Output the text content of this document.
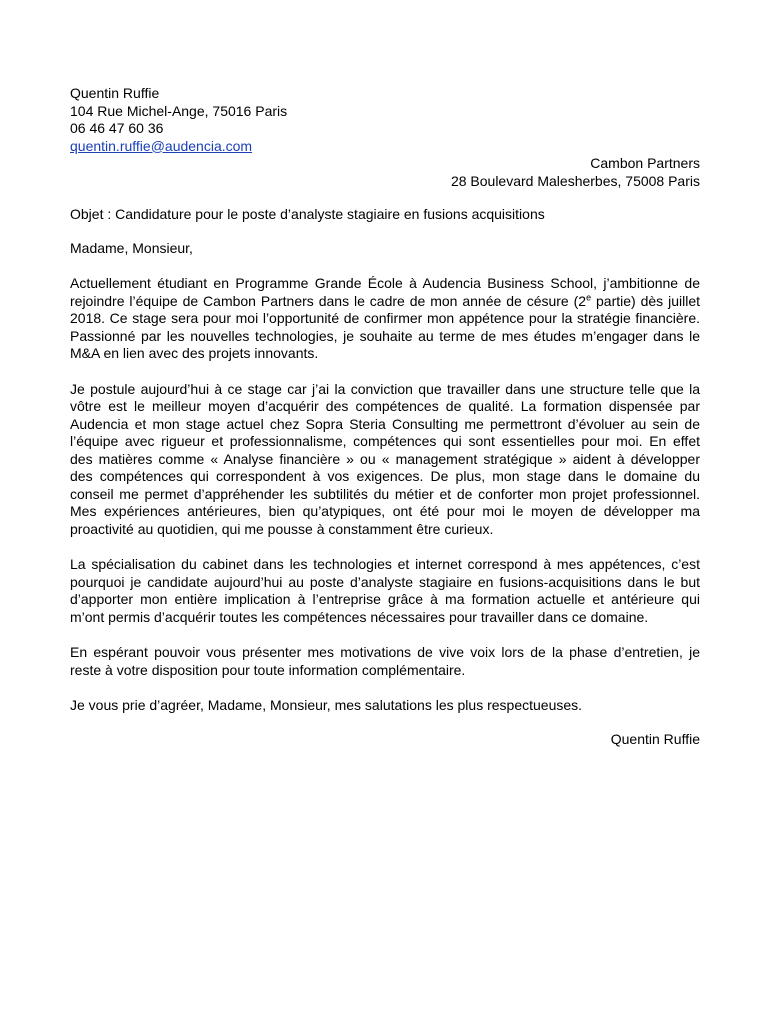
Quentin Ruffie
104 Rue Michel-Ange, 75016 Paris
06 46 47 60 36
quentin.ruffie@audencia.com
Cambon Partners
28 Boulevard Malesherbes, 75008 Paris
Objet : Candidature pour le poste d’analyste stagiaire en fusions acquisitions
Madame, Monsieur,
Actuellement étudiant en Programme Grande École à Audencia Business School, j’ambitionne de
rejoindre l’équipe de Cambon Partners dans le cadre de mon année de césure (2e partie) dès juillet
2018. Ce stage sera pour moi l’opportunité de confirmer mon appétence pour la stratégie financière.
Passionné par les nouvelles technologies, je souhaite au terme de mes études m’engager dans le
M&A en lien avec des projets innovants.
Je postule aujourd’hui à ce stage car j’ai la conviction que travailler dans une structure telle que la
vôtre est le meilleur moyen d’acquérir des compétences de qualité. La formation dispensée par
Audencia et mon stage actuel chez Sopra Steria Consulting me permettront d’évoluer au sein de
l’équipe avec rigueur et professionnalisme, compétences qui sont essentielles pour moi. En effet
des matières comme « Analyse financière » ou « management stratégique » aident à développer
des compétences qui correspondent à vos exigences. De plus, mon stage dans le domaine du
conseil me permet d’appréhender les subtilités du métier et de conforter mon projet professionnel.
Mes expériences antérieures, bien qu’atypiques, ont été pour moi le moyen de développer ma
proactivité au quotidien, qui me pousse à constamment être curieux.
La spécialisation du cabinet dans les technologies et internet correspond à mes appétences, c’est
pourquoi je candidate aujourd’hui au poste d’analyste stagiaire en fusions-acquisitions dans le but
d’apporter mon entière implication à l’entreprise grâce à ma formation actuelle et antérieure qui
m’ont permis d’acquérir toutes les compétences nécessaires pour travailler dans ce domaine.
En espérant pouvoir vous présenter mes motivations de vive voix lors de la phase d’entretien, je
reste à votre disposition pour toute information complémentaire.
Je vous prie d’agréer, Madame, Monsieur, mes salutations les plus respectueuses.
Quentin Ruffie
